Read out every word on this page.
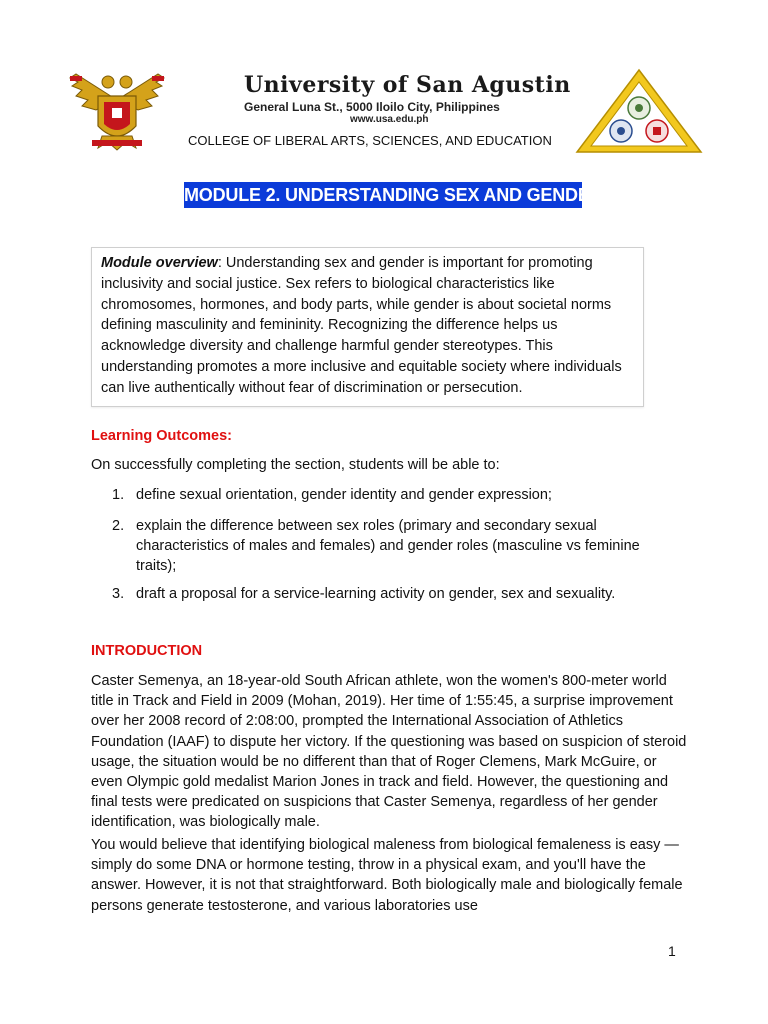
University of San Agustin
General Luna St., 5000 Iloilo City, Philippines
www.usa.edu.ph
COLLEGE OF LIBERAL ARTS, SCIENCES, AND EDUCATION
MODULE 2. UNDERSTANDING SEX AND GENDER
Module overview: Understanding sex and gender is important for promoting inclusivity and social justice. Sex refers to biological characteristics like chromosomes, hormones, and body parts, while gender is about societal norms defining masculinity and femininity. Recognizing the difference helps us acknowledge diversity and challenge harmful gender stereotypes. This understanding promotes a more inclusive and equitable society where individuals can live authentically without fear of discrimination or persecution.
Learning Outcomes:
On successfully completing the section, students will be able to:
1. define sexual orientation, gender identity and gender expression;
2. explain the difference between sex roles (primary and secondary sexual characteristics of males and females) and gender roles (masculine vs feminine traits);
3. draft a proposal for a service-learning activity on gender, sex and sexuality.
INTRODUCTION
Caster Semenya, an 18-year-old South African athlete, won the women's 800-meter world title in Track and Field in 2009 (Mohan, 2019). Her time of 1:55:45, a surprise improvement over her 2008 record of 2:08:00, prompted the International Association of Athletics Foundation (IAAF) to dispute her victory. If the questioning was based on suspicion of steroid usage, the situation would be no different than that of Roger Clemens, Mark McGuire, or even Olympic gold medalist Marion Jones in track and field. However, the questioning and final tests were predicated on suspicions that Caster Semenya, regardless of her gender identification, was biologically male.
You would believe that identifying biological maleness from biological femaleness is easy — simply do some DNA or hormone testing, throw in a physical exam, and you'll have the answer. However, it is not that straightforward. Both biologically male and biologically female persons generate testosterone, and various laboratories use
1
